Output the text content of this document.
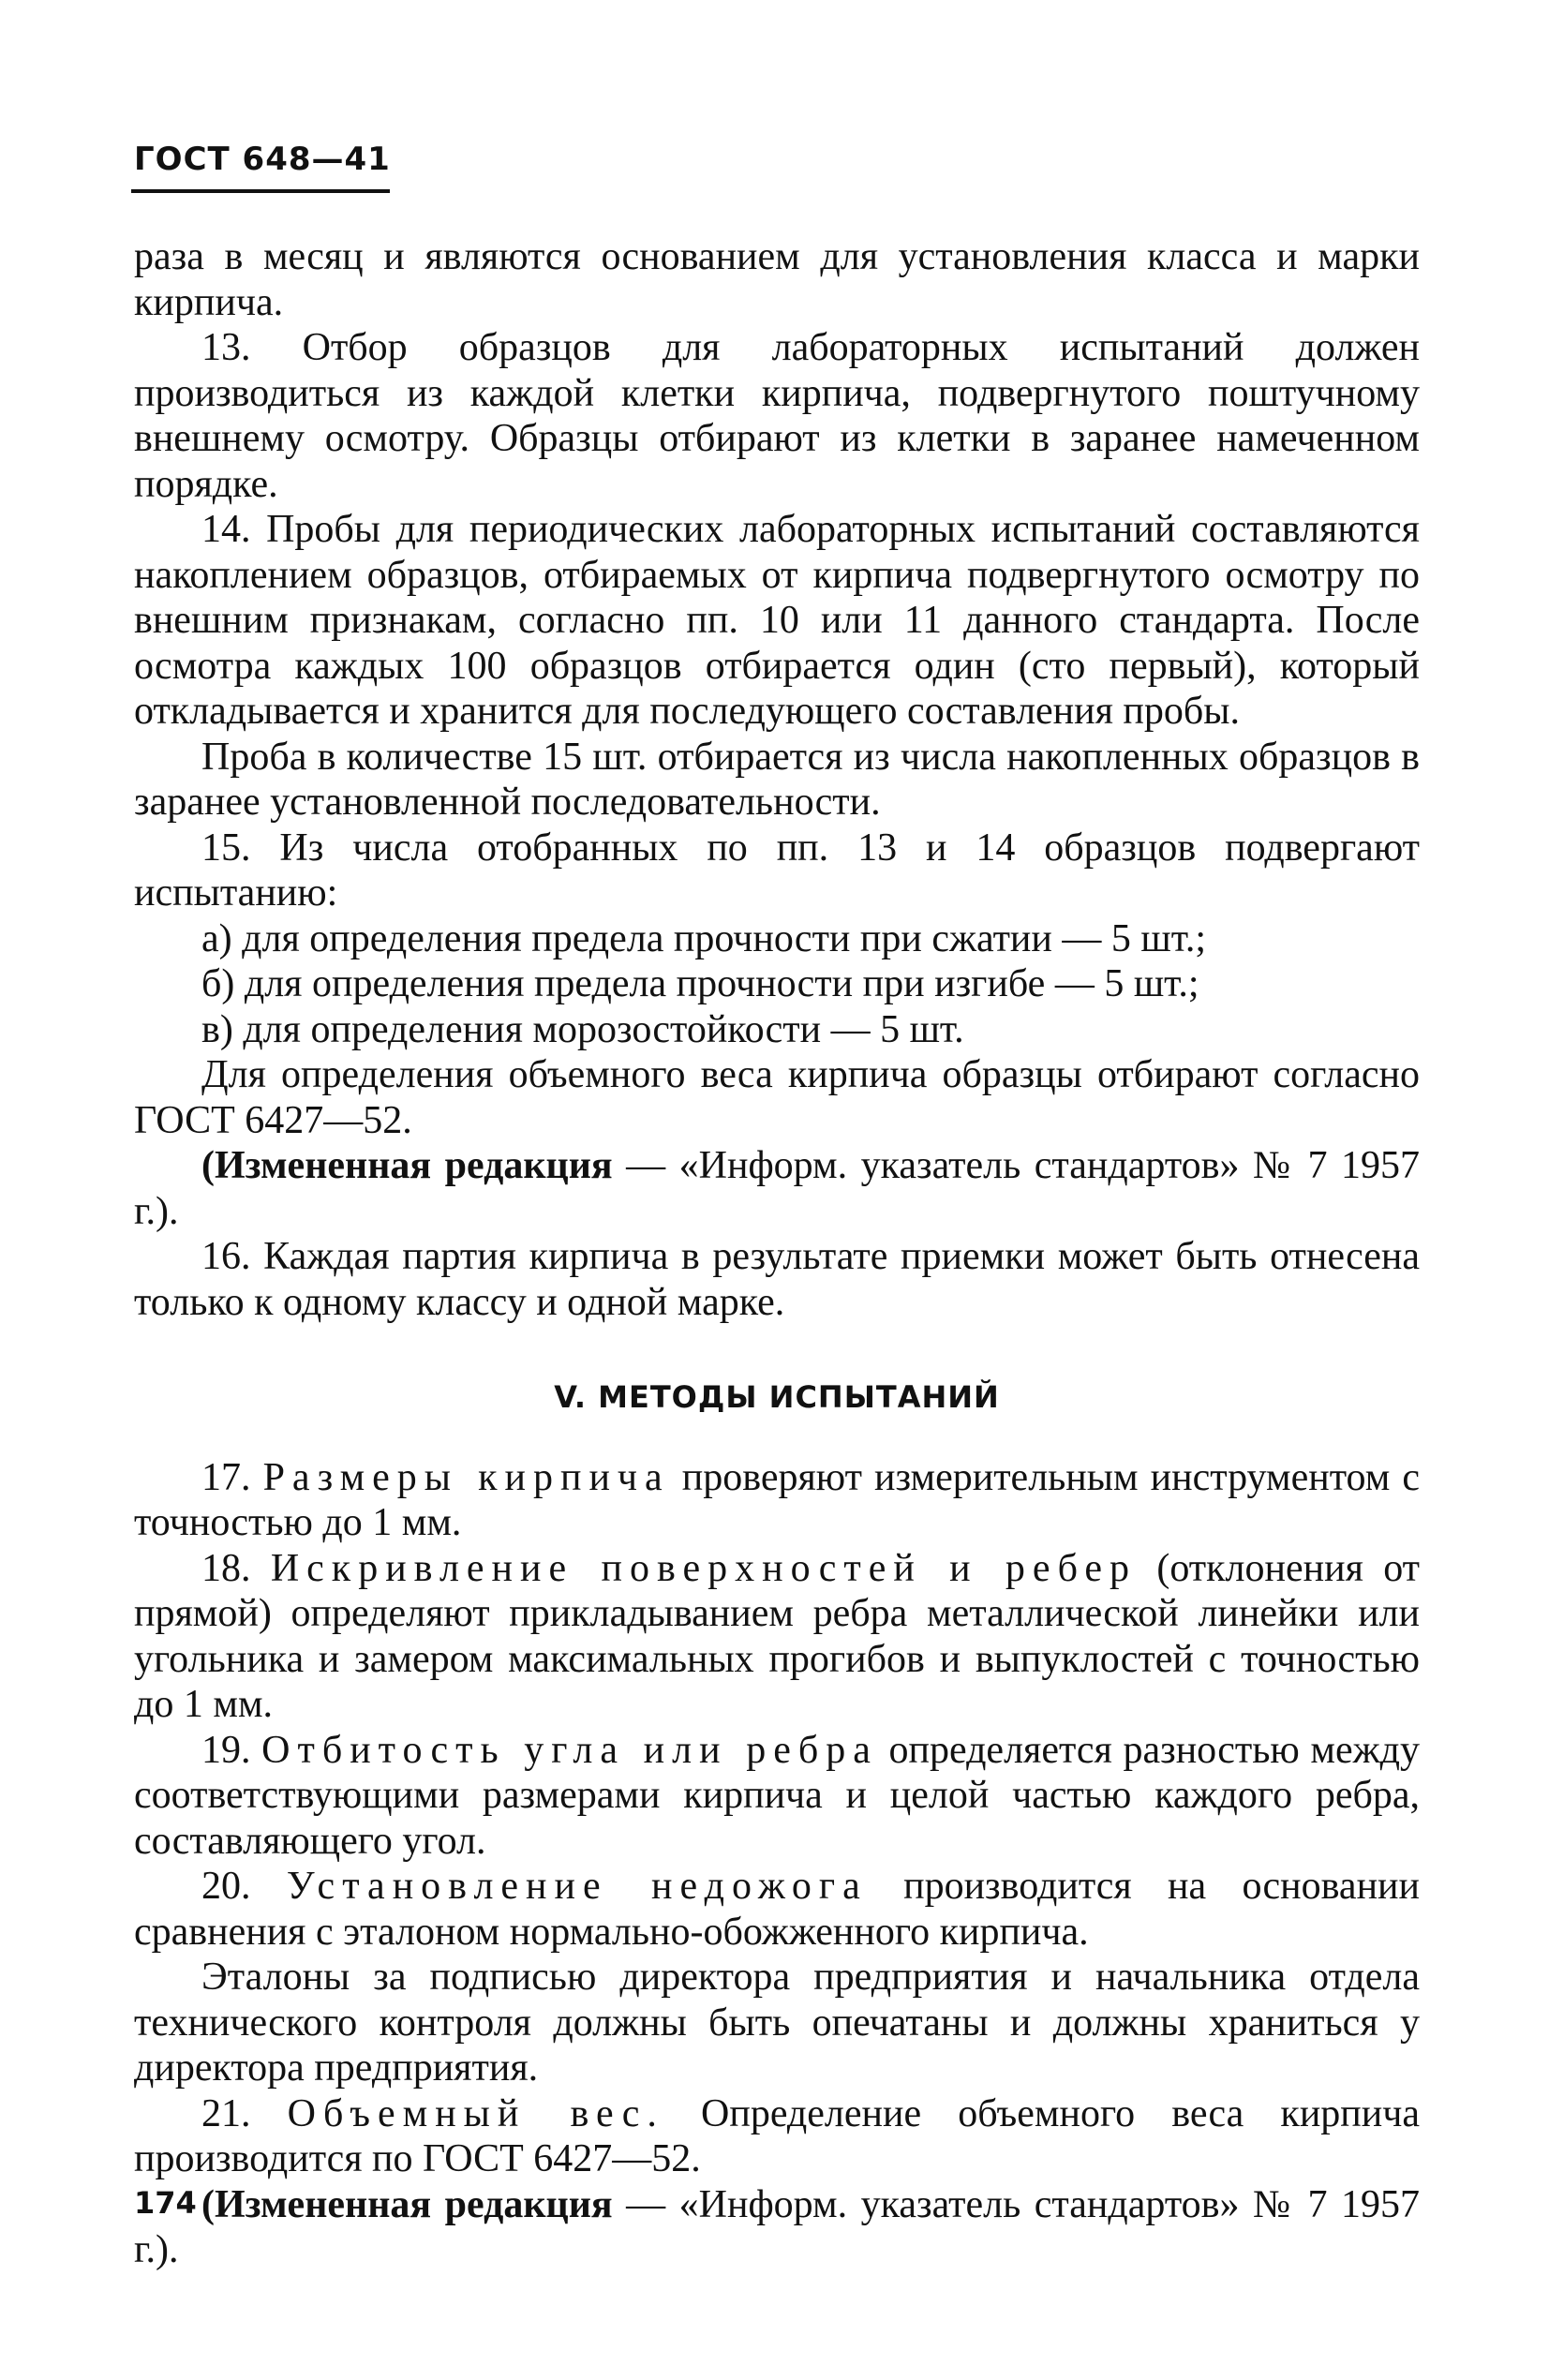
ГОСТ 648—41

раза в месяц и являются основанием для установления класса и марки кирпича.

13. Отбор образцов для лабораторных испытаний должен производиться из каждой клетки кирпича, подвергнутого поштучному внешнему осмотру. Образцы отбирают из клетки в заранее намеченном порядке.

14. Пробы для периодических лабораторных испытаний составляются накоплением образцов, отбираемых от кирпича подвергнутого осмотру по внешним признакам, согласно пп. 10 или 11 данного стандарта. После осмотра каждых 100 образцов отбирается один (сто первый), который откладывается и хранится для последующего составления пробы.

Проба в количестве 15 шт. отбирается из числа накопленных образцов в заранее установленной последовательности.

15. Из числа отобранных по пп. 13 и 14 образцов подвергают испытанию:

а) для определения предела прочности при сжатии — 5 шт.;

б) для определения предела прочности при изгибе — 5 шт.;

в) для определения морозостойкости — 5 шт.

Для определения объемного веса кирпича образцы отбирают согласно ГОСТ 6427—52.

(Измененная редакция — «Информ. указатель стандартов» № 7 1957 г.).

16. Каждая партия кирпича в результате приемки может быть отнесена только к одному классу и одной марке.

V. МЕТОДЫ ИСПЫТАНИЙ

17. Размеры кирпича проверяют измерительным инструментом с точностью до 1 мм.

18. Искривление поверхностей и ребер (отклонения от прямой) определяют прикладыванием ребра металлической линейки или угольника и замером максимальных прогибов и выпуклостей с точностью до 1 мм.

19. Отбитость угла или ребра определяется разностью между соответствующими размерами кирпича и целой частью каждого ребра, составляющего угол.

20. Установление недожога производится на основании сравнения с эталоном нормально-обожженного кирпича.

Эталоны за подписью директора предприятия и начальника отдела технического контроля должны быть опечатаны и должны храниться у директора предприятия.

21. Объемный вес. Определение объемного веса кирпича производится по ГОСТ 6427—52.

(Измененная редакция — «Информ. указатель стандартов» № 7 1957 г.).

174
